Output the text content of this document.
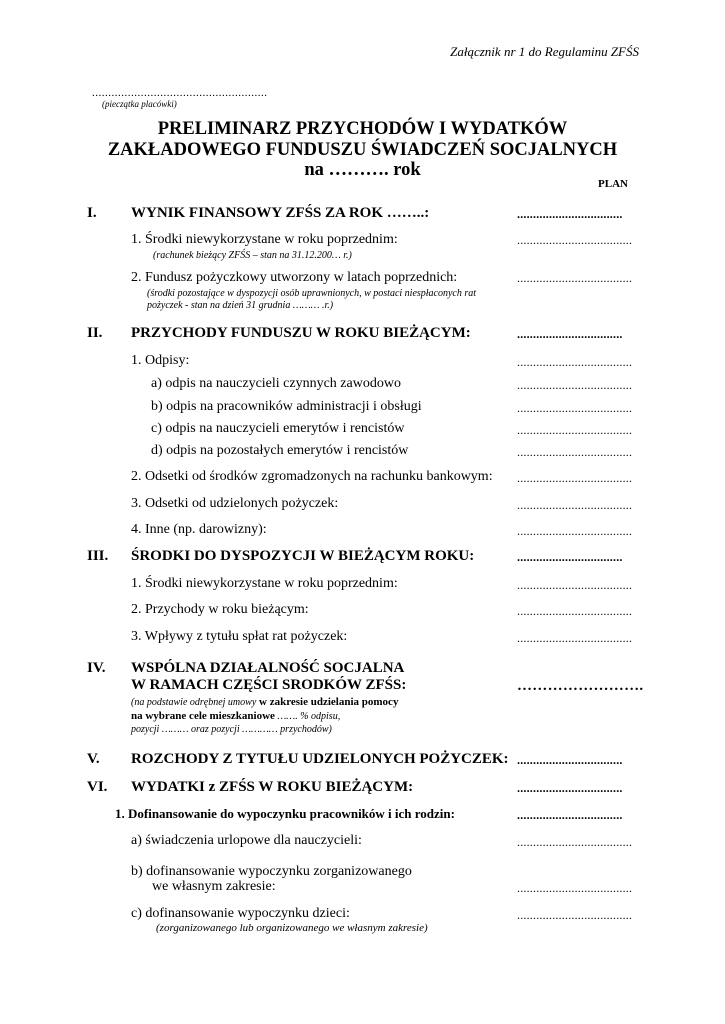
Załącznik nr 1 do Regulaminu ZFŚS
......................................................
(pieczątka placówki)
PRELIMINARZ PRZYCHODÓW I WYDATKÓW
ZAKŁADOWEGO FUNDUSZU ŚWIADCZEŃ SOCJALNYCH
na ………. rok
PLAN
I. WYNIK FINANSOWY ZFŚS ZA ROK ……..:	.................................
1. Środki niewykorzystane w roku poprzednim:	....................................
(rachunek bieżący ZFŚS – stan na 31.12.200… r.)
2. Fundusz pożyczkowy utworzony w latach poprzednich:	....................................
(środki pozostające w dyspozycji osób uprawnionych, w postaci niespłaconych rat
pożyczek - stan na dzień 31 grudnia ……… .r.)
II. PRZYCHODY FUNDUSZU W ROKU BIEŻĄCYM:	.................................
1. Odpisy:	....................................
a) odpis na nauczycieli czynnych zawodowo	....................................
b) odpis na pracowników administracji i obsługi	....................................
c) odpis na nauczycieli emerytów i rencistów	....................................
d) odpis na pozostałych emerytów i rencistów	....................................
2. Odsetki od środków zgromadzonych na rachunku bankowym: ....................................
3. Odsetki od udzielonych pożyczek:	....................................
4. Inne (np. darowizny):	....................................
III. ŚRODKI DO DYSPOZYCJI W BIEŻĄCYM ROKU:	.................................
1. Środki niewykorzystane w roku poprzednim:	....................................
2. Przychody w roku bieżącym:	....................................
3. Wpływy z tytułu spłat rat pożyczek:	....................................
IV. WSPÓLNA DZIAŁALNOŚĆ SOCJALNA
W RAMACH CZĘŚCI SRODKÓW ZFŚS:	…………………….
(na podstawie odrębnej umowy w zakresie udzielania pomocy
na wybrane cele mieszkaniowe ……. % odpisu,
pozycji ……… oraz pozycji ………… przychodów)
V. ROZCHODY Z TYTUŁU UDZIELONYCH POŻYCZEK: .................................
VI. WYDATKI z ZFŚS W ROKU BIEŻĄCYM:	.................................
1. Dofinansowanie do wypoczynku pracowników i ich rodzin:	.................................
a) świadczenia urlopowe dla nauczycieli:	....................................
b) dofinansowanie wypoczynku zorganizowanego
we własnym zakresie:	....................................
c) dofinansowanie wypoczynku dzieci:	....................................
(zorganizowanego lub organizowanego we własnym zakresie)
